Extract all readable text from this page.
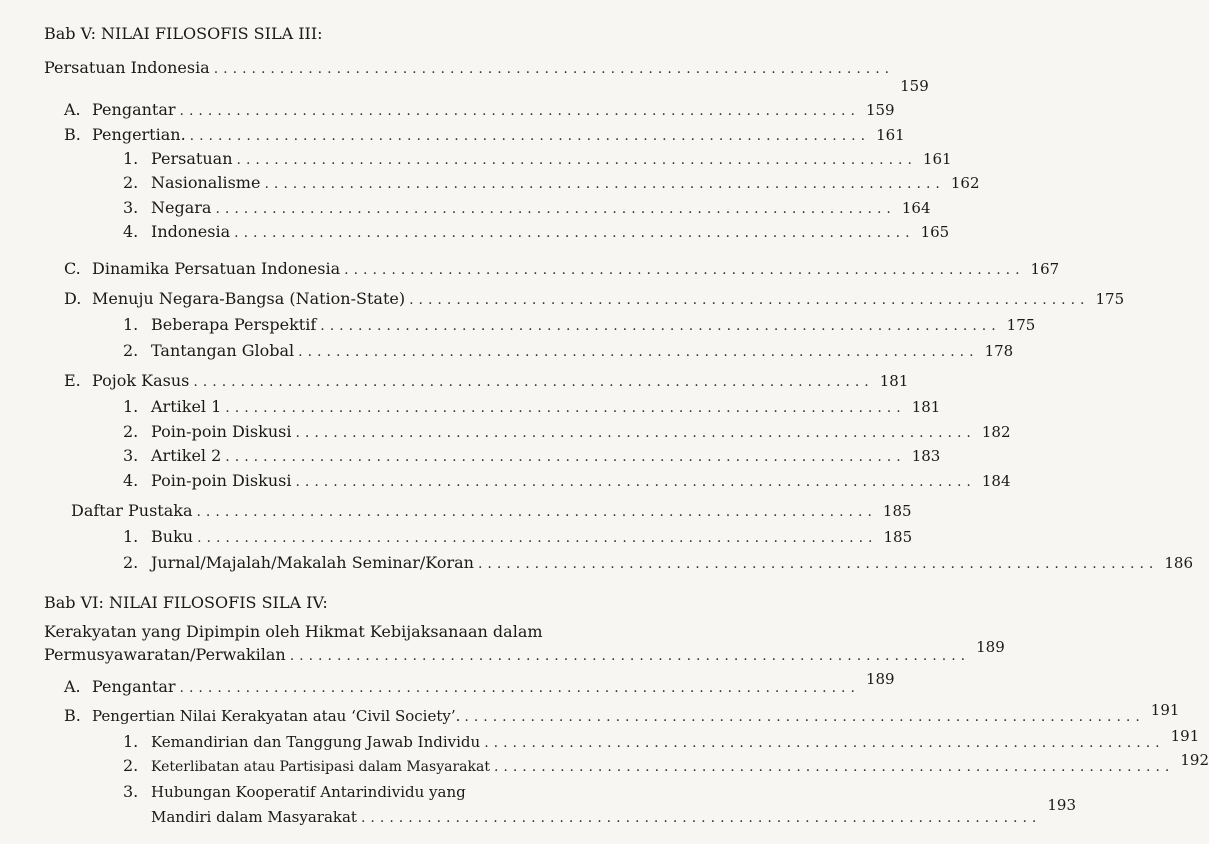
Bab V: NILAI FILOSOFIS SILA III:
Persatuan Indonesia ........................................................................
159
A. Pengantar ........................................................................ 159
B. Pengertian. ........................................................................ 161
1. Persatuan ........................................................................ 161
2. Nasionalisme ........................................................................ 162
3. Negara ........................................................................ 164
4. Indonesia ........................................................................ 165
C. Dinamika Persatuan Indonesia ........................................................................ 167
D. Menuju Negara-Bangsa (Nation-State) ........................................................................ 175
1. Beberapa Perspektif ........................................................................ 175
2. Tantangan Global ........................................................................ 178
E. Pojok Kasus ........................................................................ 181
1. Artikel 1 ........................................................................ 181
2. Poin-poin Diskusi ........................................................................ 182
3. Artikel 2 ........................................................................ 183
4. Poin-poin Diskusi ........................................................................ 184
Daftar Pustaka ........................................................................ 185
1. Buku ........................................................................ 185
2. Jurnal/Majalah/Makalah Seminar/Koran ........................................................................ 186
Bab VI: NILAI FILOSOFIS SILA IV:
Kerakyatan yang Dipimpin oleh Hikmat Kebijaksanaan dalam
Permusyawaratan/Perwakilan ........................................................................ 189
A. Pengantar ........................................................................ 189
B. Pengertian Nilai Kerakyatan atau ‘Civil Society’. ........................................................................ 191
1. Kemandirian dan Tanggung Jawab Individu ........................................................................ 191
2. Keterlibatan atau Partisipasi dalam Masyarakat ........................................................................ 192
3. Hubungan Kooperatif Antarindividu yang
Mandiri dalam Masyarakat ........................................................................
193
